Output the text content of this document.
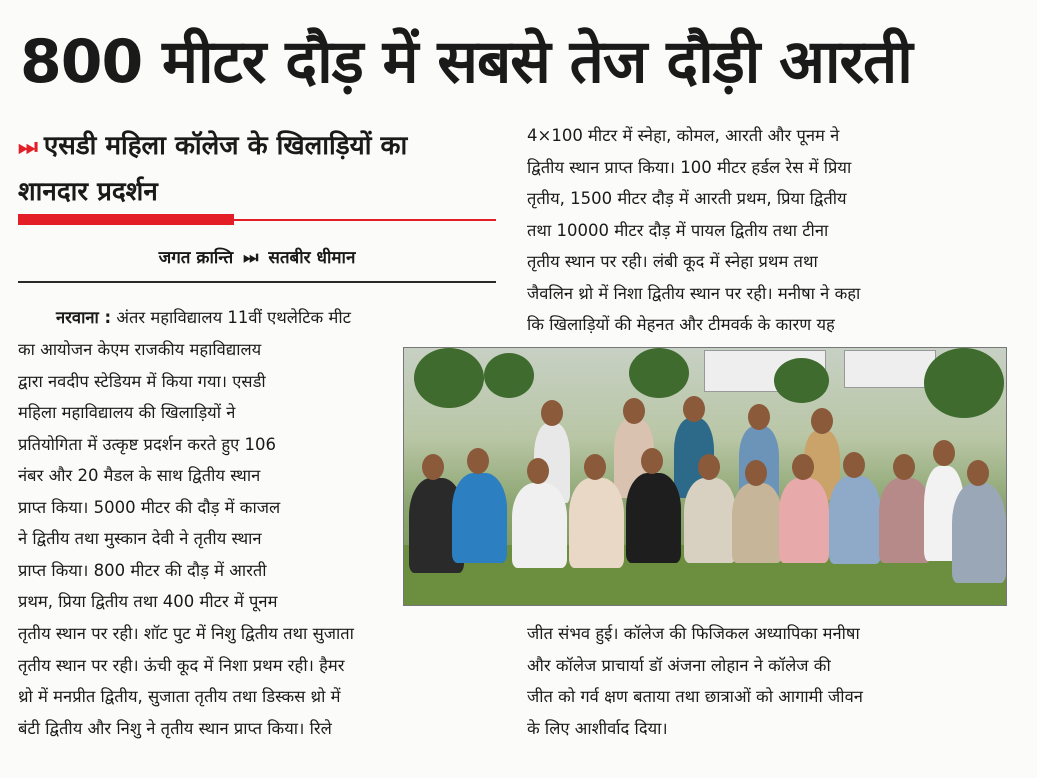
800 मीटर दौड़ में सबसे तेज दौड़ी आरती
⏭ एसडी महिला कॉलेज के खिलाड़ियों का
शानदार प्रदर्शन
जगत क्रान्ति ⏭ सतबीर धीमान
नरवाना : अंतर महाविद्यालय 11वीं एथलेटिक मीट
का आयोजन केएम राजकीय महाविद्यालय
द्वारा नवदीप स्टेडियम में किया गया। एसडी
महिला महाविद्यालय की खिलाड़ियों ने
प्रतियोगिता में उत्कृष्ट प्रदर्शन करते हुए 106
नंबर और 20 मैडल के साथ द्वितीय स्थान
प्राप्त किया। 5000 मीटर की दौड़ में काजल
ने द्वितीय तथा मुस्कान देवी ने तृतीय स्थान
प्राप्त किया। 800 मीटर की दौड़ में आरती
प्रथम, प्रिया द्वितीय तथा 400 मीटर में पूनम
तृतीय स्थान पर रही। शॉट पुट में निशु द्वितीय तथा सुजाता
तृतीय स्थान पर रही। ऊंची कूद में निशा प्रथम रही। हैमर
थ्रो में मनप्रीत द्वितीय, सुजाता तृतीय तथा डिस्कस थ्रो में
बंटी द्वितीय और निशु ने तृतीय स्थान प्राप्त किया। रिले
4×100 मीटर में स्नेहा, कोमल, आरती और पूनम ने
द्वितीय स्थान प्राप्त किया। 100 मीटर हर्डल रेस में प्रिया
तृतीय, 1500 मीटर दौड़ में आरती प्रथम, प्रिया द्वितीय
तथा 10000 मीटर दौड़ में पायल द्वितीय तथा टीना
तृतीय स्थान पर रही। लंबी कूद में स्नेहा प्रथम तथा
जैवलिन थ्रो में निशा द्वितीय स्थान पर रही। मनीषा ने कहा
कि खिलाड़ियों की मेहनत और टीमवर्क के कारण यह
जीत संभव हुई। कॉलेज की फिजिकल अध्यापिका मनीषा
और कॉलेज प्राचार्या डॉ अंजना लोहान ने कॉलेज की
जीत को गर्व क्षण बताया तथा छात्राओं को आगामी जीवन
के लिए आशीर्वाद दिया।
